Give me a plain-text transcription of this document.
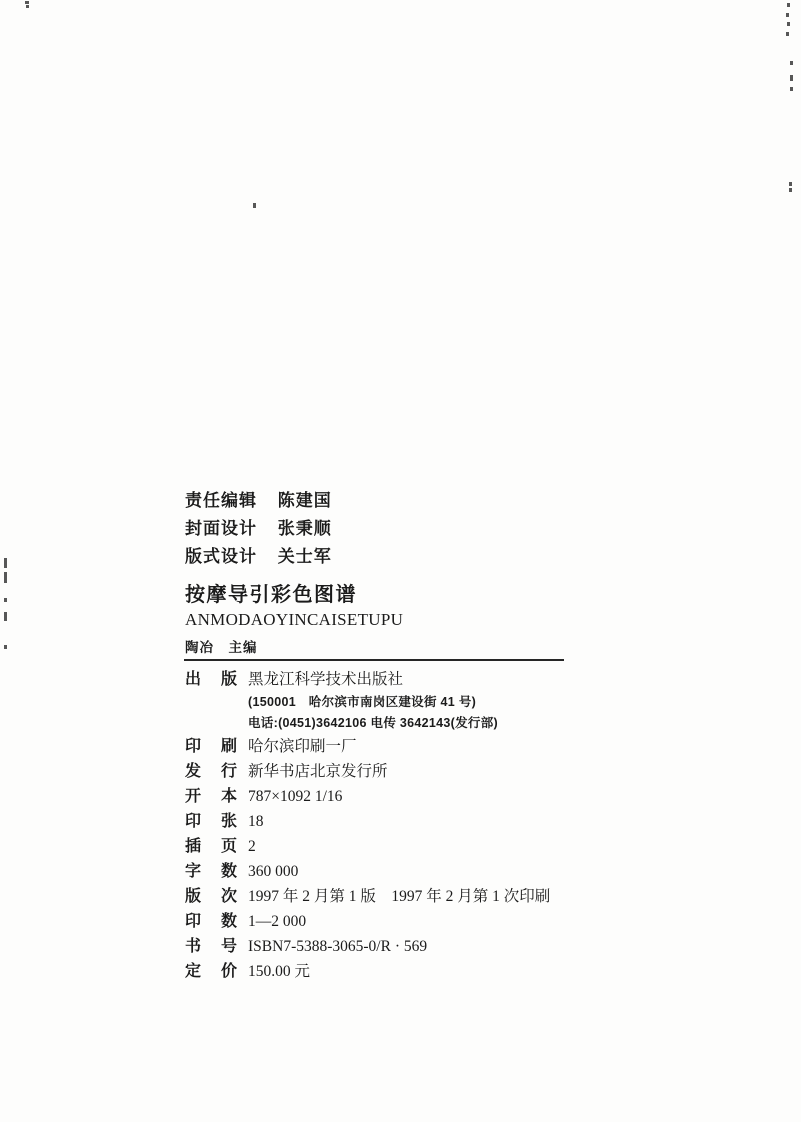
责任编辑 陈建国
封面设计 张秉顺
版式设计 关士军
按摩导引彩色图谱
ANMODAOYINCAISETUPU
陶冶　主编
出 版 黑龙江科学技术出版社
(150001　哈尔滨市南岗区建设街 41 号)
电话:(0451)3642106 电传 3642143(发行部)
印 刷 哈尔滨印刷一厂
发 行 新华书店北京发行所
开 本 787×1092 1/16
印 张 18
插 页 2
字 数 360 000
版 次 1997 年 2 月第 1 版　1997 年 2 月第 1 次印刷
印 数 1—2 000
书 号 ISBN7-5388-3065-0/R · 569
定 价 150.00 元
